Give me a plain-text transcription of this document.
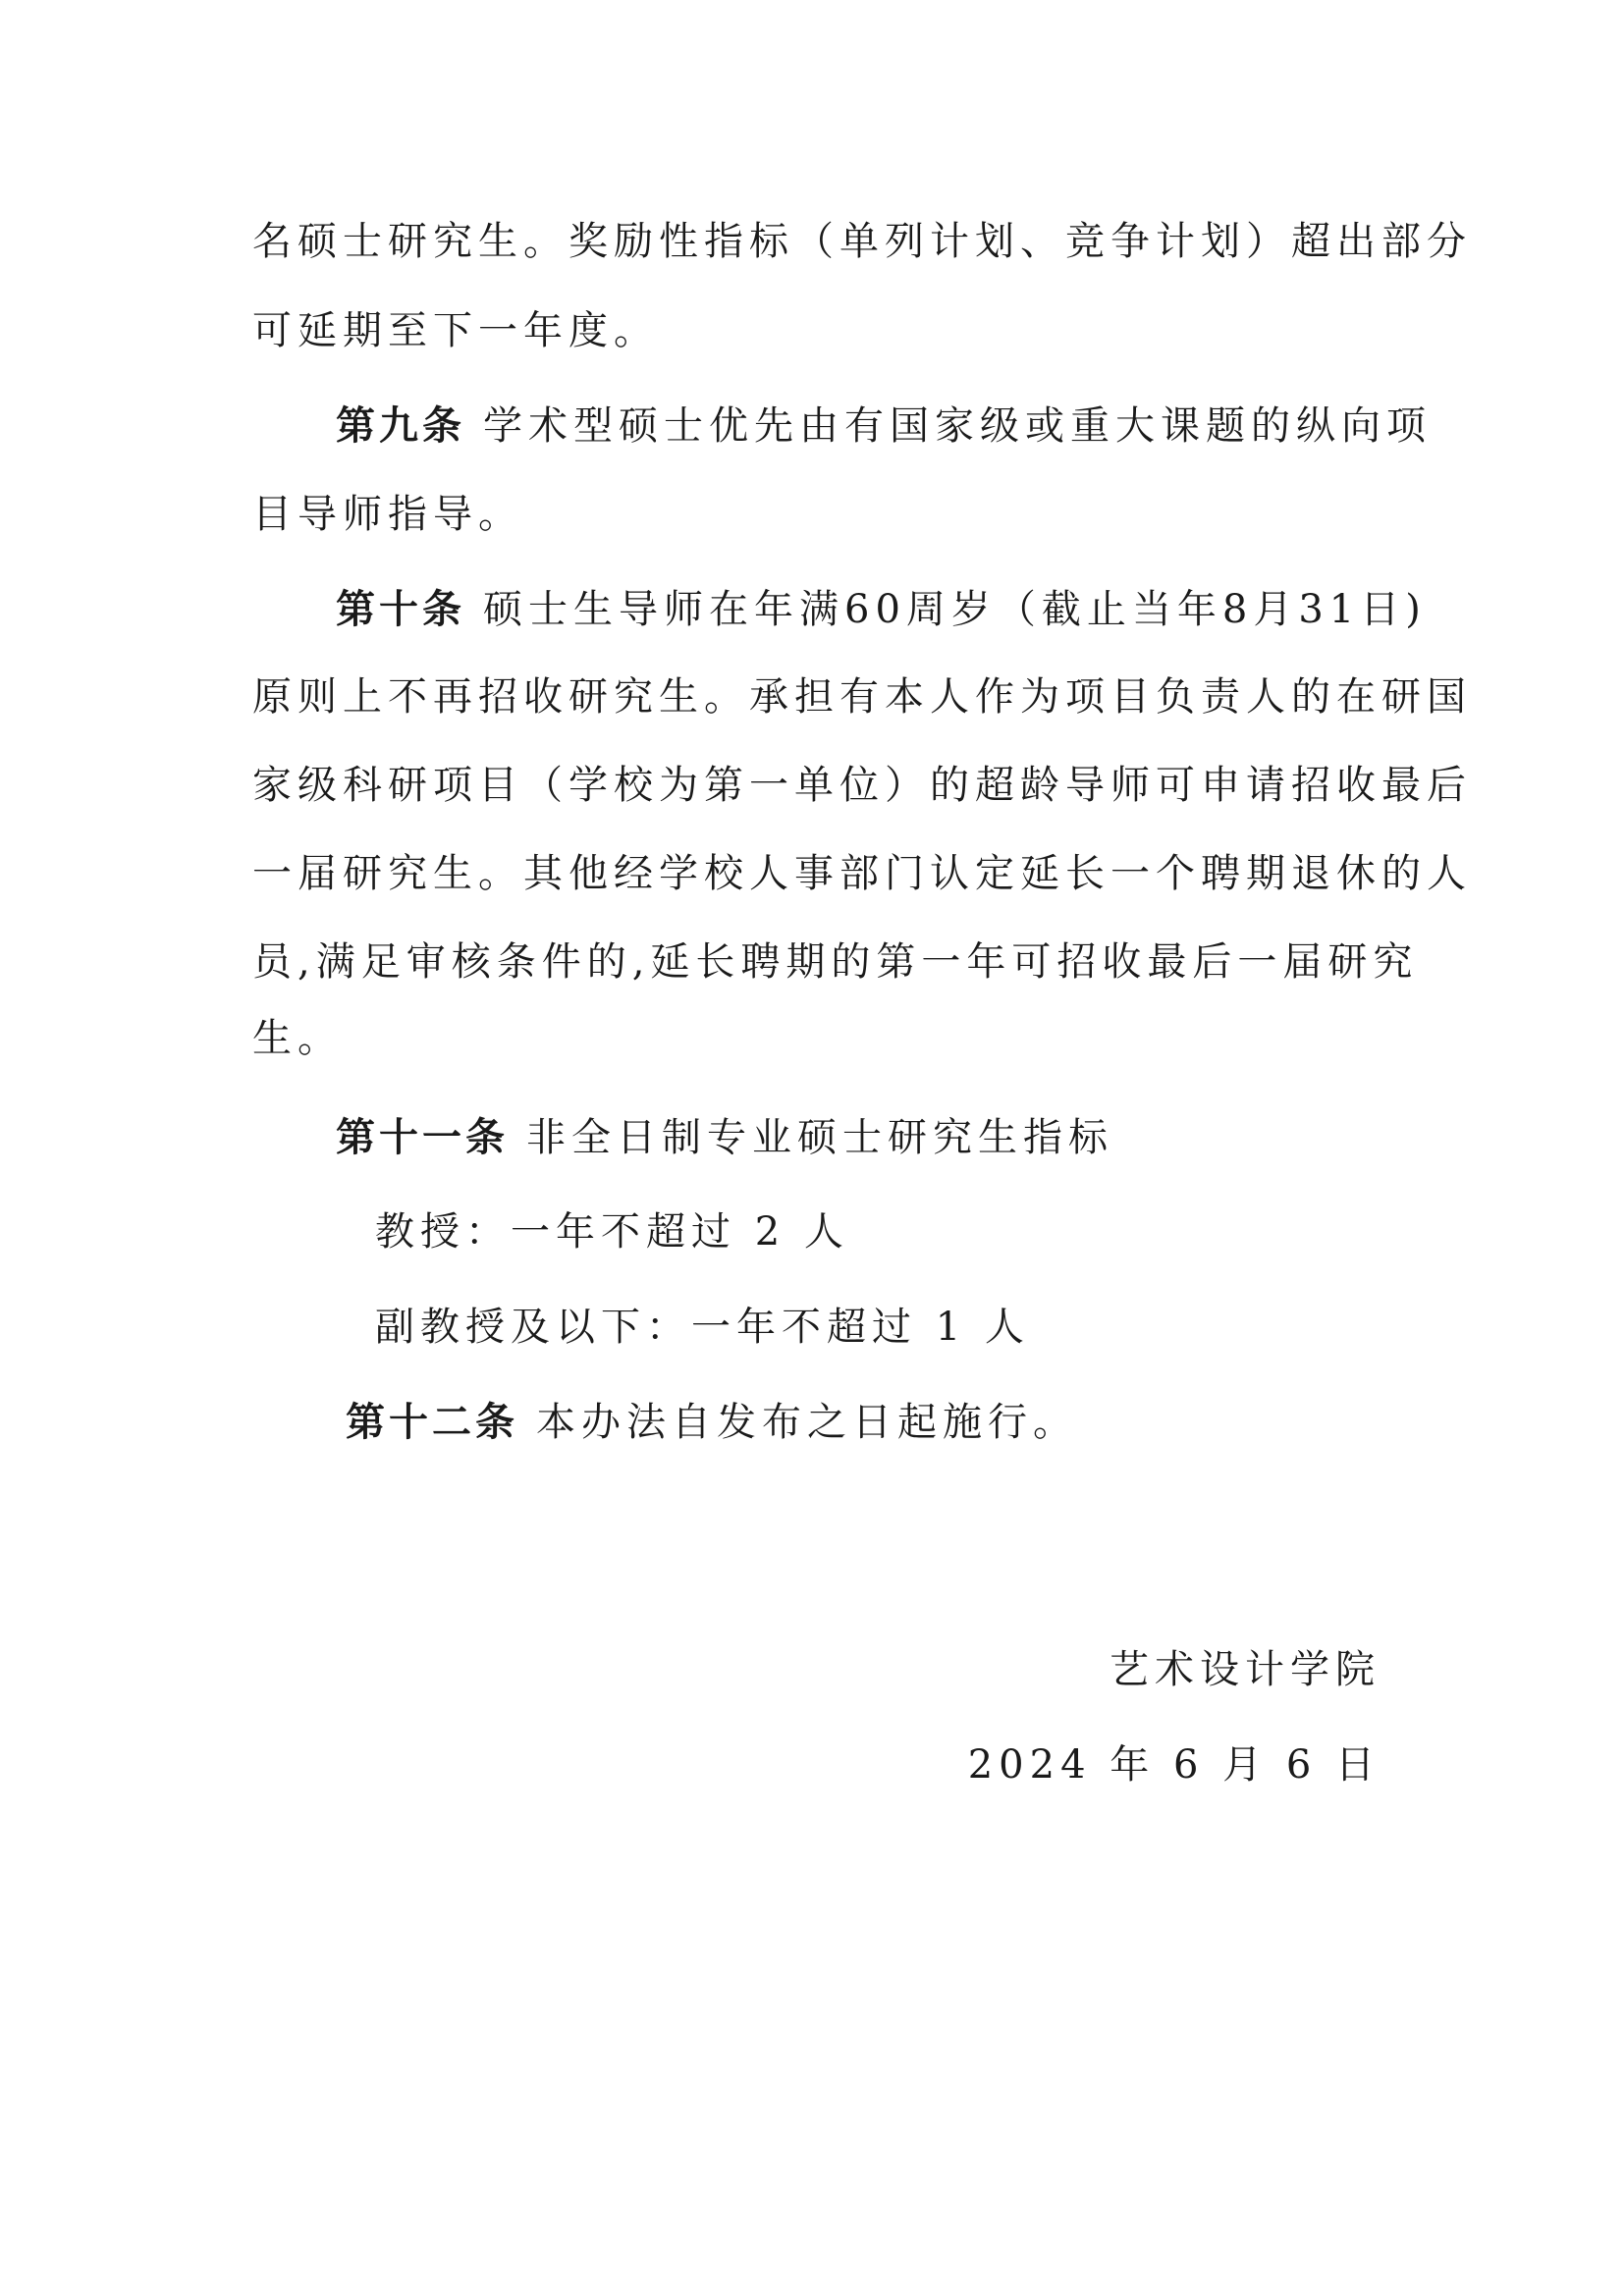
名硕士研究生。奖励性指标（单列计划、竞争计划）超出部分
可延期至下一年度。
第九条 学术型硕士优先由有国家级或重大课题的纵向项
目导师指导。
第十条 硕士生导师在年满60周岁（截止当年8月31日)
原则上不再招收研究生。承担有本人作为项目负责人的在研国
家级科研项目（学校为第一单位）的超龄导师可申请招收最后
一届研究生。其他经学校人事部门认定延长一个聘期退休的人
员,满足审核条件的,延长聘期的第一年可招收最后一届研究
生。
第十一条 非全日制专业硕士研究生指标
教授：一年不超过 2 人
副教授及以下：一年不超过 1 人
第十二条 本办法自发布之日起施行。
艺术设计学院
2024 年 6 月 6 日
